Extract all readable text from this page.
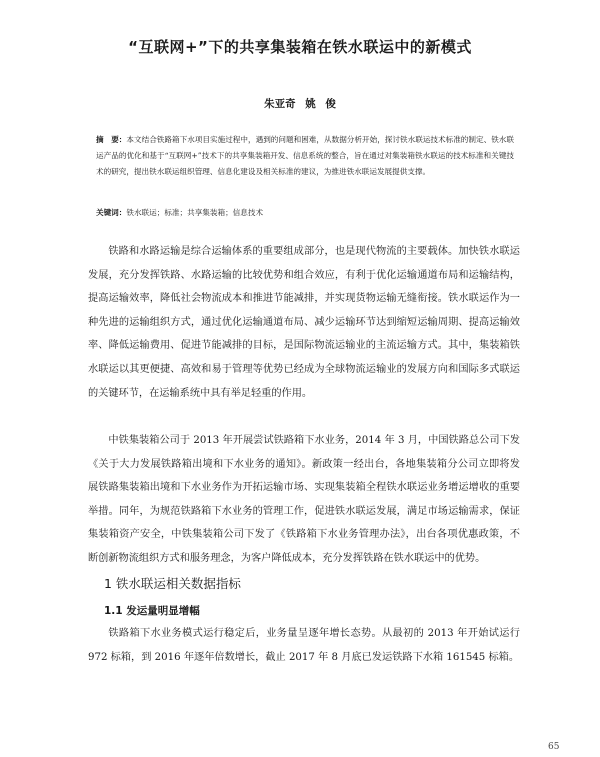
“互联网+”下的共享集装箱在铁水联运中的新模式
朱亚奇 姚 俊
摘　要：本文结合铁路箱下水项目实施过程中，遇到的问题和困难，从数据分析开始，探讨铁水联运技术标准的制定、铁水联运产品的优化和基于“互联网+”技术下的共享集装箱开发、信息系统的整合，旨在通过对集装箱铁水联运的技术标准和关键技术的研究，提出铁水联运组织管理、信息化建设及相关标准的建议，为推进铁水联运发展提供支撑。
关键词：铁水联运；标准；共享集装箱；信息技术

铁路和水路运输是综合运输体系的重要组成部分，也是现代物流的主要载体。加快铁水联运发展，充分发挥铁路、水路运输的比较优势和组合效应，有利于优化运输通道布局和运输结构，提高运输效率，降低社会物流成本和推进节能减排，并实现货物运输无缝衔接。铁水联运作为一种先进的运输组织方式，通过优化运输通道布局、减少运输环节达到缩短运输周期、提高运输效率、降低运输费用、促进节能减排的目标，是国际物流运输业的主流运输方式。其中，集装箱铁水联运以其更便捷、高效和易于管理等优势已经成为全球物流运输业的发展方向和国际多式联运的关键环节，在运输系统中具有举足轻重的作用。

中铁集装箱公司于 2013 年开展尝试铁路箱下水业务，2014 年 3 月，中国铁路总公司下发《关于大力发展铁路箱出境和下水业务的通知》。新政策一经出台，各地集装箱分公司立即将发展铁路集装箱出境和下水业务作为开拓运输市场、实现集装箱全程铁水联运业务增运增收的重要举措。同年，为规范铁路箱下水业务的管理工作，促进铁水联运发展，满足市场运输需求，保证集装箱资产安全，中铁集装箱公司下发了《铁路箱下水业务管理办法》，出台各项优惠政策，不断创新物流组织方式和服务理念，为客户降低成本，充分发挥铁路在铁水联运中的优势。

1 铁水联运相关数据指标
1.1 发运量明显增幅

铁路箱下水业务模式运行稳定后，业务量呈逐年增长态势。从最初的 2013 年开始试运行 972 标箱，到 2016 年逐年倍数增长，截止 2017 年 8 月底已发运铁路下水箱 161545 标箱。

65
